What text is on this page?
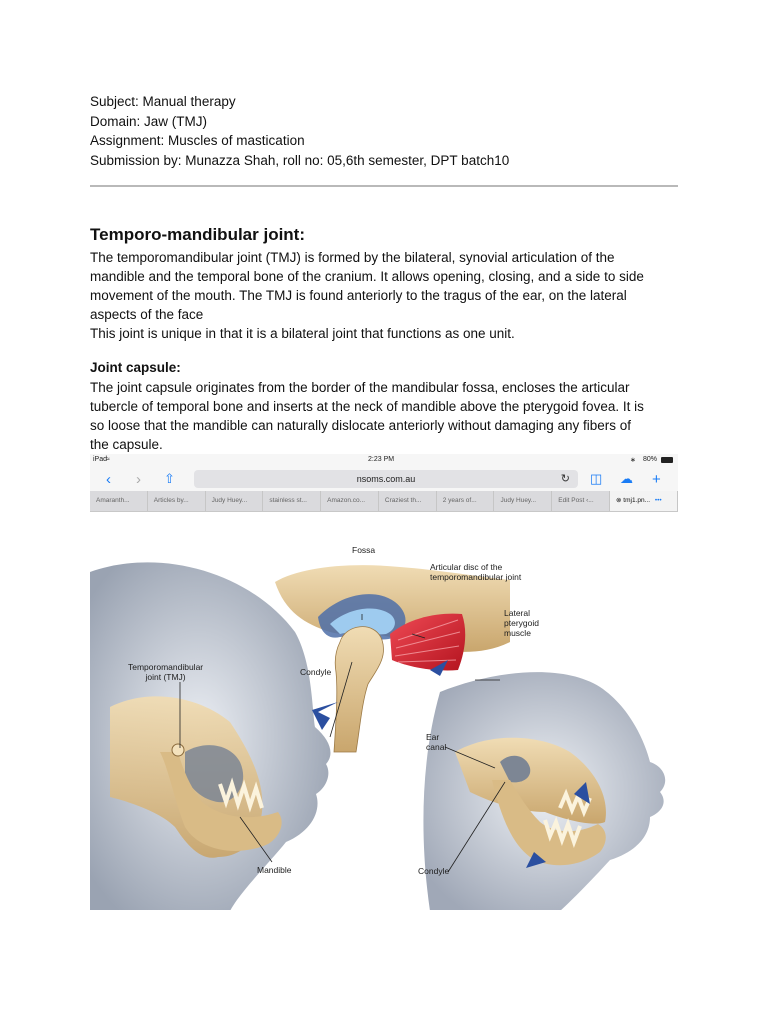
Subject: Manual therapy
Domain: Jaw (TMJ)
Assignment: Muscles of mastication
Submission by: Munazza Shah, roll no: 05,6th semester, DPT batch10
Temporo-mandibular joint:
The temporomandibular joint (TMJ) is formed by the bilateral, synovial articulation of the mandible and the temporal bone of the cranium. It allows opening, closing, and a side to side movement of the mouth. The TMJ is found anteriorly to the tragus of the ear, on the lateral aspects of the face
This joint is unique in that it is a bilateral joint that functions as one unit.
Joint capsule:
The joint capsule originates from the border of the mandibular fossa, encloses the articular tubercle of temporal bone and inserts at the neck of mandible above the pterygoid fovea. It is so loose that the mandible can naturally dislocate anteriorly without damaging any fibers of the capsule.
iPad
≈	2:23 PM	∗ 80%
‹ › ⇧	nsoms.com.au	↻ ◫ ☁ +
Amaranth...	Articles by...	Judy Huey...	stainless st...	Amazon.co...	Craziest th...	2 years of...	Judy Huey...	Edit Post ‹...	⊗ tmj1.pn... •••
Fossa
Articular disc of the
temporomandibular joint
Lateral
pterygoid
muscle
Temporomandibular
joint (TMJ)	Condyle
Ear
canal
Mandible	Condyle
